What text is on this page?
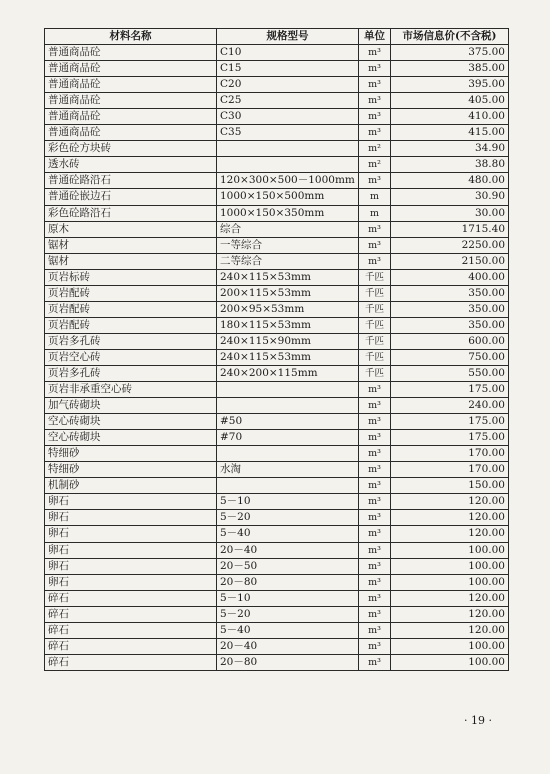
材料名称	规格型号	单位	市场信息价(不含税)
普通商品砼	C10	m³	375.00
普通商品砼	C15	m³	385.00
普通商品砼	C20	m³	395.00
普通商品砼	C25	m³	405.00
普通商品砼	C30	m³	410.00
普通商品砼	C35	m³	415.00
彩色砼方块砖		m²	34.90
透水砖		m²	38.80
普通砼路沿石	120×300×500－1000mm	m³	480.00
普通砼嵌边石	1000×150×500mm	m	30.90
彩色砼路沿石	1000×150×350mm	m	30.00
原木	综合	m³	1715.40
锯材	一等综合	m³	2250.00
锯材	二等综合	m³	2150.00
页岩标砖	240×115×53mm	千匹	400.00
页岩配砖	200×115×53mm	千匹	350.00
页岩配砖	200×95×53mm	千匹	350.00
页岩配砖	180×115×53mm	千匹	350.00
页岩多孔砖	240×115×90mm	千匹	600.00
页岩空心砖	240×115×53mm	千匹	750.00
页岩多孔砖	240×200×115mm	千匹	550.00
页岩非承重空心砖		m³	175.00
加气砖砌块		m³	240.00
空心砖砌块	#50	m³	175.00
空心砖砌块	#70	m³	175.00
特细砂		m³	170.00
特细砂	水淘	m³	170.00
机制砂		m³	150.00
卵石	5－10	m³	120.00
卵石	5－20	m³	120.00
卵石	5－40	m³	120.00
卵石	20－40	m³	100.00
卵石	20－50	m³	100.00
卵石	20－80	m³	100.00
碎石	5－10	m³	120.00
碎石	5－20	m³	120.00
碎石	5－40	m³	120.00
碎石	20－40	m³	100.00
碎石	20－80	m³	100.00
· 19 ·
